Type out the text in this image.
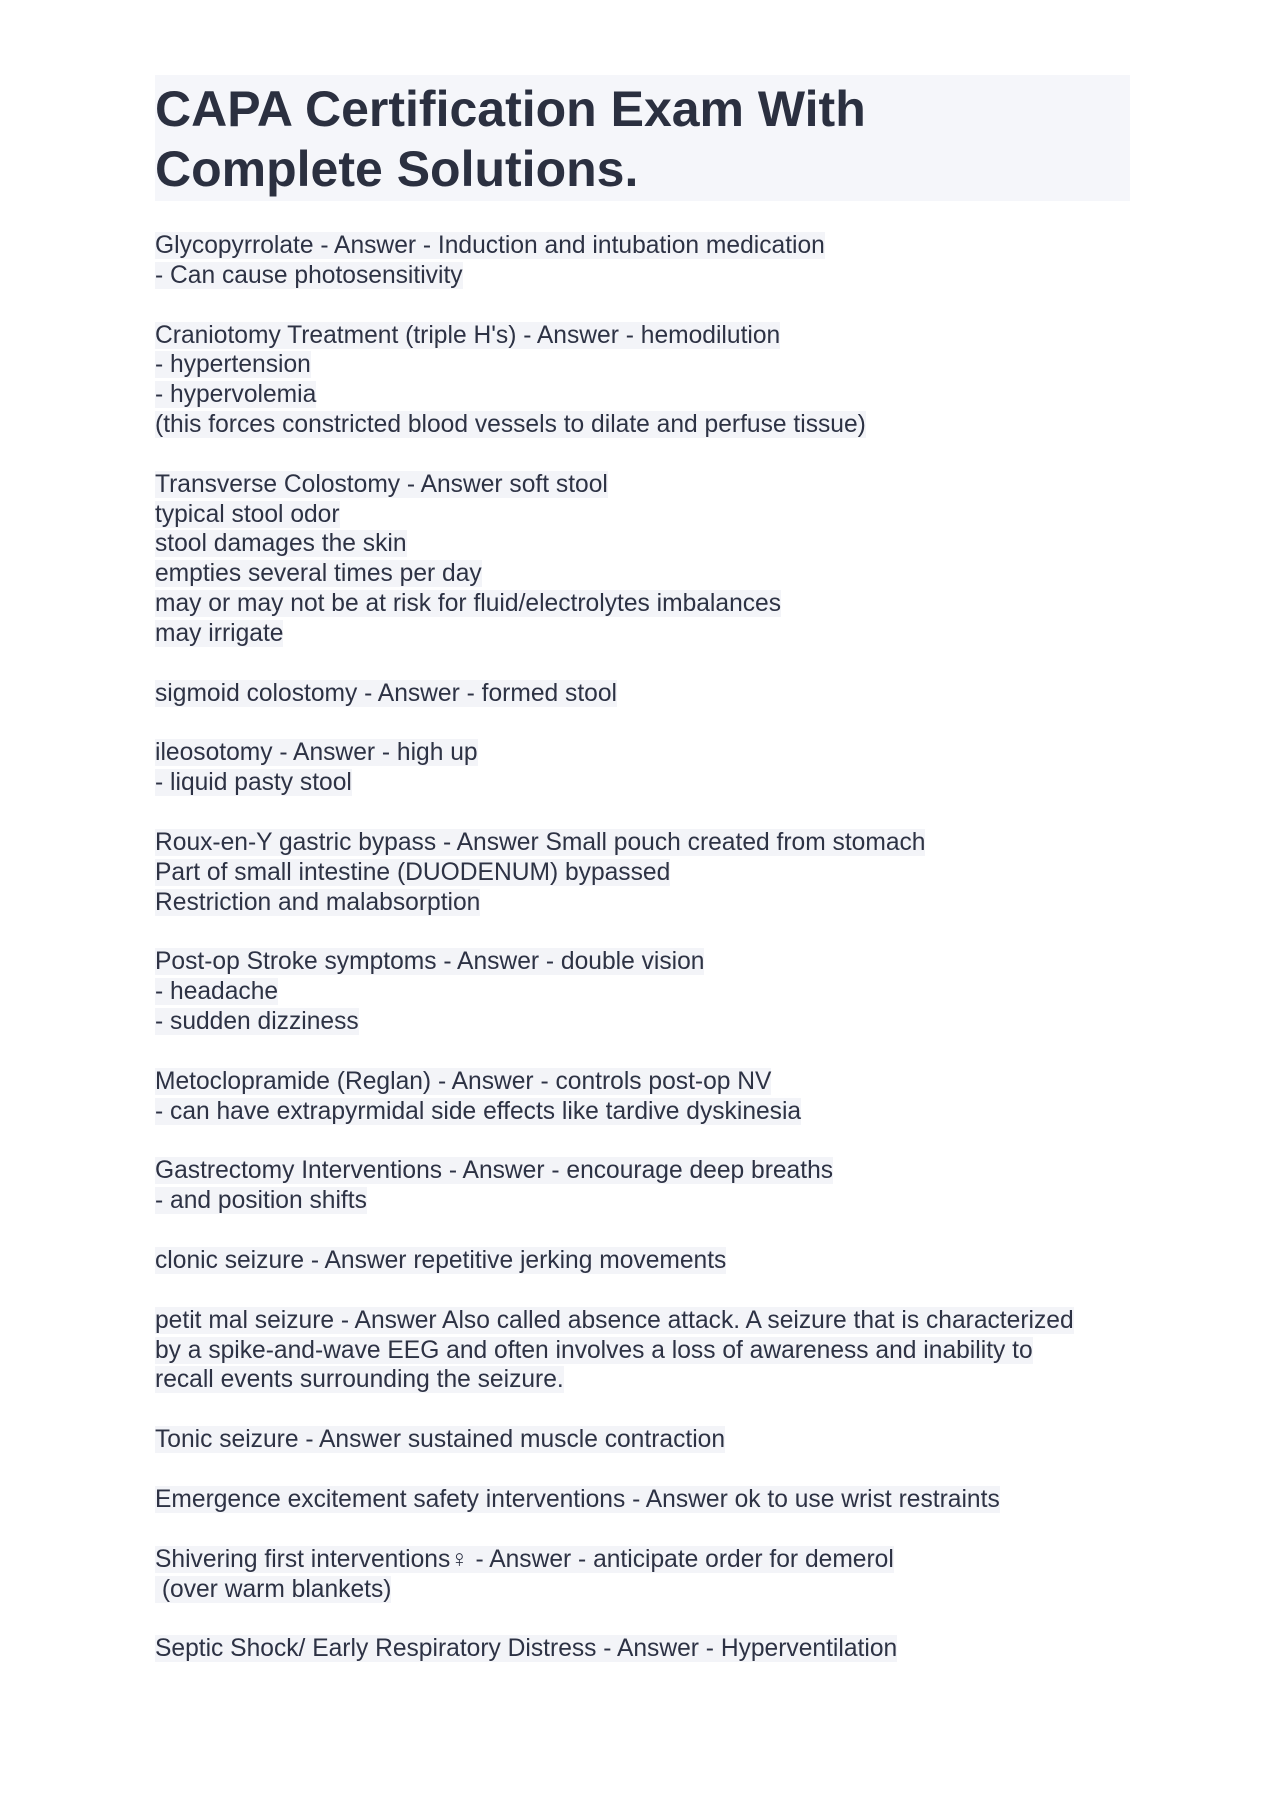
CAPA Certification Exam With
Complete Solutions.
Glycopyrrolate - Answer - Induction and intubation medication
- Can cause photosensitivity
Craniotomy Treatment (triple H's) - Answer - hemodilution
- hypertension
- hypervolemia
(this forces constricted blood vessels to dilate and perfuse tissue)
Transverse Colostomy - Answer soft stool
typical stool odor
stool damages the skin
empties several times per day
may or may not be at risk for fluid/electrolytes imbalances
may irrigate
sigmoid colostomy - Answer - formed stool
ileosotomy - Answer - high up
- liquid pasty stool
Roux-en-Y gastric bypass - Answer Small pouch created from stomach
Part of small intestine (DUODENUM) bypassed
Restriction and malabsorption
Post-op Stroke symptoms - Answer - double vision
- headache
- sudden dizziness
Metoclopramide (Reglan) - Answer - controls post-op NV
- can have extrapyrmidal side effects like tardive dyskinesia
Gastrectomy Interventions - Answer - encourage deep breaths
- and position shifts
clonic seizure - Answer repetitive jerking movements
petit mal seizure - Answer Also called absence attack. A seizure that is characterized
by a spike-and-wave EEG and often involves a loss of awareness and inability to
recall events surrounding the seizure.
Tonic seizure - Answer sustained muscle contraction
Emergence excitement safety interventions - Answer ok to use wrist restraints
Shivering first interventions♀ - Answer - anticipate order for demerol
(over warm blankets)
Septic Shock/ Early Respiratory Distress - Answer - Hyperventilation
